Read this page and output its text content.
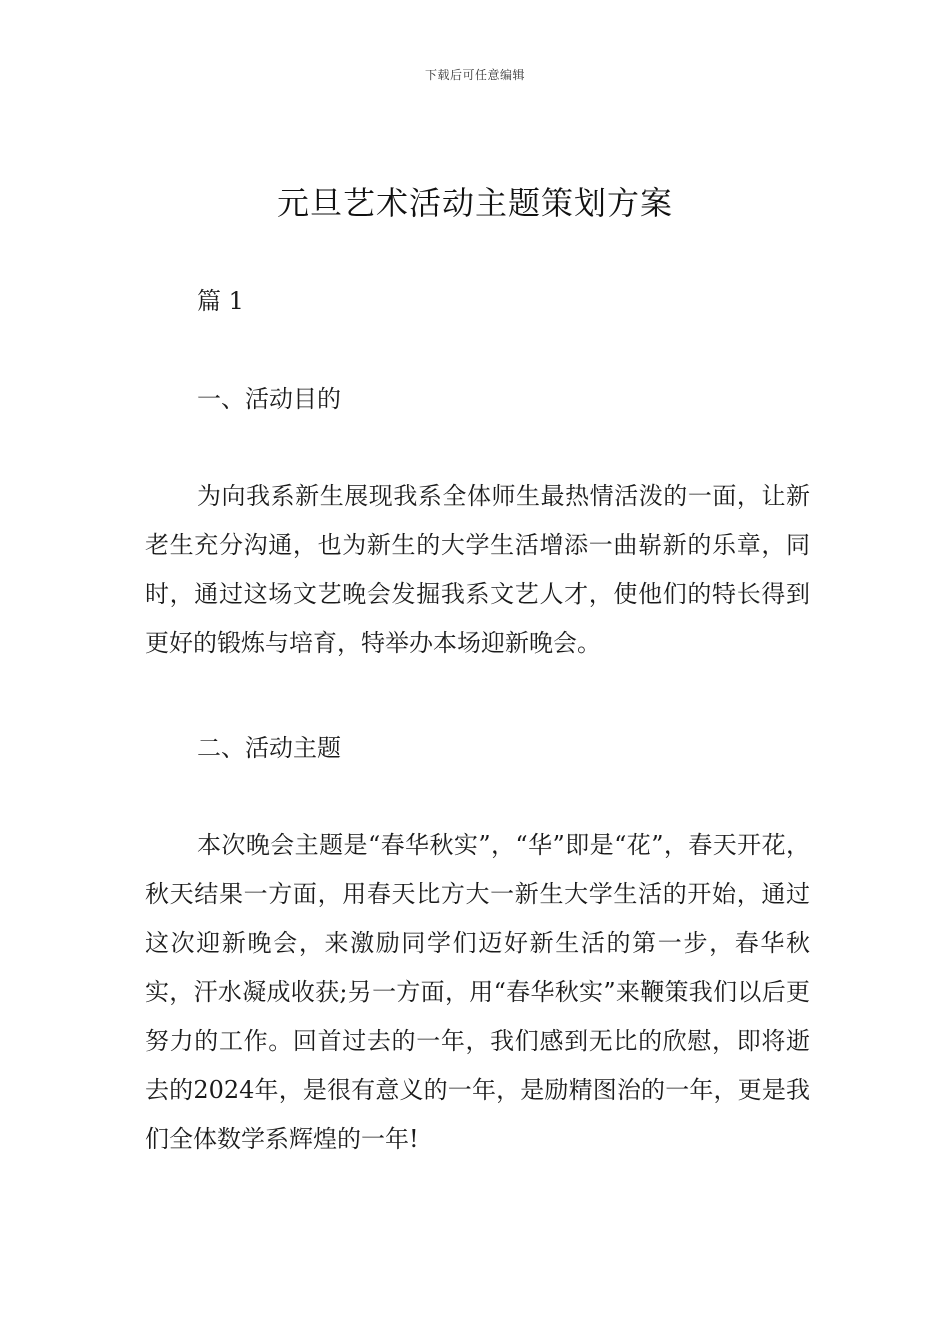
下载后可任意编辑
元旦艺术活动主题策划方案
篇 1
一、活动目的

为向我系新生展现我系全体师生最热情活泼的一面，让新老生充分沟通，也为新生的大学生活增添一曲崭新的乐章，同时，通过这场文艺晚会发掘我系文艺人才，使他们的特长得到更好的锻炼与培育，特举办本场迎新晚会。

二、活动主题

本次晚会主题是“春华秋实”，“华”即是“花”，春天开花，秋天结果一方面，用春天比方大一新生大学生活的开始，通过这次迎新晚会，来激励同学们迈好新生活的第一步，春华秋实，汗水凝成收获;另一方面，用“春华秋实”来鞭策我们以后更努力的工作。回首过去的一年，我们感到无比的欣慰，即将逝去的2024年，是很有意义的一年，是励精图治的一年，更是我们全体数学系辉煌的一年!
